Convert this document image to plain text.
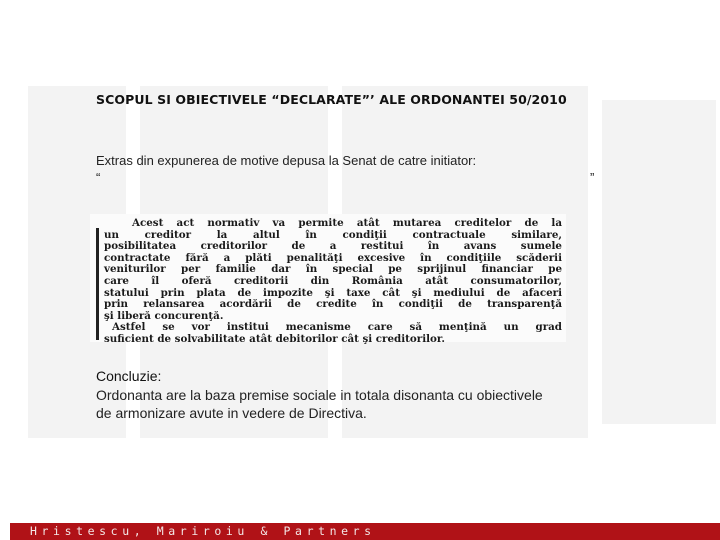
SCOPUL SI OBIECTIVELE “DECLARATE”’ ALE ORDONANTEI 50/2010
Extras din expunerea de motive depusa la Senat de catre initiator:
“	”

Acest act normativ va permite atât mutarea creditelor de la

un creditor la altul în condiţii contractuale similare,

posibilitatea creditorilor de a restitui în avans sumele

contractate fără a plăti penalităţi excesive în condiţiile scăderii

veniturilor per familie dar în special pe sprijinul financiar pe

care îl oferă creditorii din România atât consumatorilor,

statului prin plata de impozite şi taxe cât şi mediului de afaceri

prin relansarea acordării de credite în condiţii de transparenţă

şi liberă concurenţă.

Astfel se vor institui mecanisme care să menţină un grad

suficient de solvabilitate atât debitorilor cât şi creditorilor.

Concluzie:
Ordonanta are la baza premise sociale in totala disonanta cu obiectivele de armonizare avute in vedere de Directiva.
Hristescu, Mariroiu & Partners
